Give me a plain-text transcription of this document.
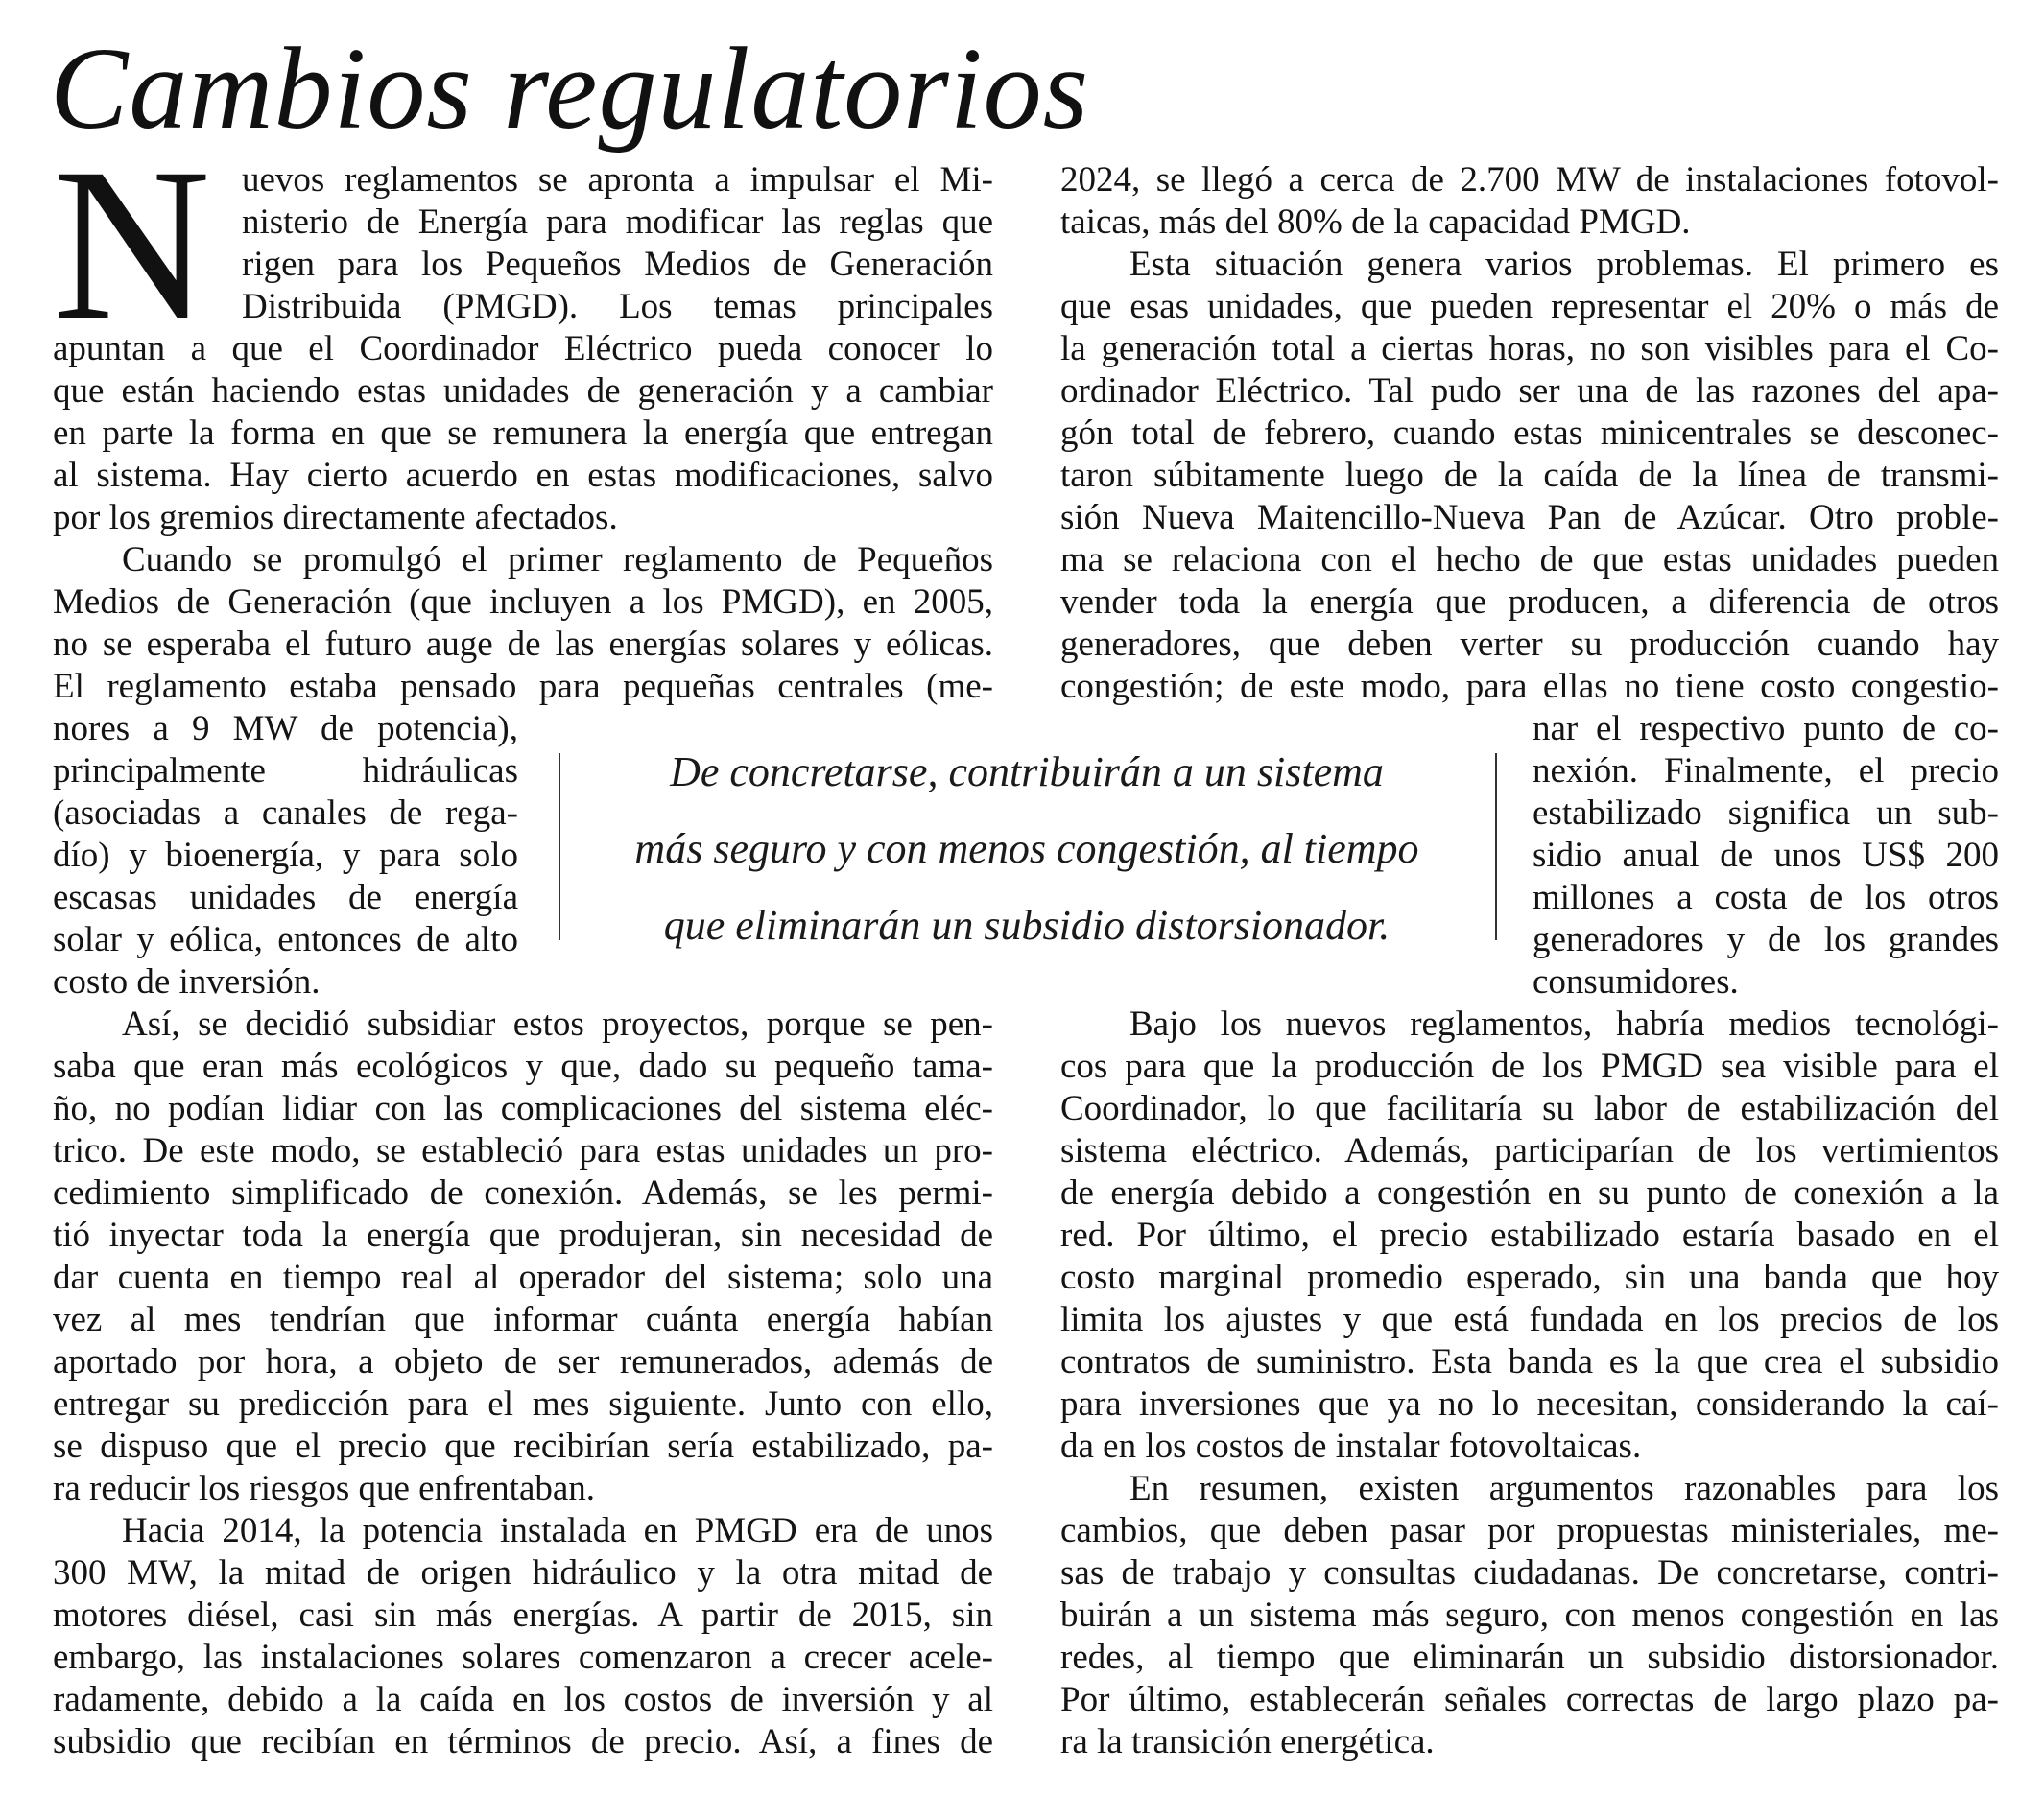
Cambios regulatorios
N uevos reglamentos se apronta a impulsar el Mi-

nisterio de Energía para modificar las reglas que

rigen para los Pequeños Medios de Generación

Distribuida (PMGD). Los temas principales

apuntan a que el Coordinador Eléctrico pueda conocer lo

que están haciendo estas unidades de generación y a cambiar

en parte la forma en que se remunera la energía que entregan

al sistema. Hay cierto acuerdo en estas modificaciones, salvo

por los gremios directamente afectados.

Cuando se promulgó el primer reglamento de Pequeños

Medios de Generación (que incluyen a los PMGD), en 2005,

no se esperaba el futuro auge de las energías solares y eólicas.

El reglamento estaba pensado para pequeñas centrales (me-

nores a 9 MW de potencia),

principalmente hidráulicas

(asociadas a canales de rega-

dío) y bioenergía, y para solo

escasas unidades de energía

solar y eólica, entonces de alto

costo de inversión.

Así, se decidió subsidiar estos proyectos, porque se pen-

saba que eran más ecológicos y que, dado su pequeño tama-

ño, no podían lidiar con las complicaciones del sistema eléc-

trico. De este modo, se estableció para estas unidades un pro-

cedimiento simplificado de conexión. Además, se les permi-

tió inyectar toda la energía que produjeran, sin necesidad de

dar cuenta en tiempo real al operador del sistema; solo una

vez al mes tendrían que informar cuánta energía habían

aportado por hora, a objeto de ser remunerados, además de

entregar su predicción para el mes siguiente. Junto con ello,

se dispuso que el precio que recibirían sería estabilizado, pa-

ra reducir los riesgos que enfrentaban.

Hacia 2014, la potencia instalada en PMGD era de unos

300 MW, la mitad de origen hidráulico y la otra mitad de

motores diésel, casi sin más energías. A partir de 2015, sin

embargo, las instalaciones solares comenzaron a crecer acele-

radamente, debido a la caída en los costos de inversión y al

subsidio que recibían en términos de precio. Así, a fines de

2024, se llegó a cerca de 2.700 MW de instalaciones fotovol-

taicas, más del 80% de la capacidad PMGD.

Esta situación genera varios problemas. El primero es

que esas unidades, que pueden representar el 20% o más de

la generación total a ciertas horas, no son visibles para el Co-

ordinador Eléctrico. Tal pudo ser una de las razones del apa-

gón total de febrero, cuando estas minicentrales se desconec-

taron súbitamente luego de la caída de la línea de transmi-

sión Nueva Maitencillo-Nueva Pan de Azúcar. Otro proble-

ma se relaciona con el hecho de que estas unidades pueden

vender toda la energía que producen, a diferencia de otros

generadores, que deben verter su producción cuando hay

congestión; de este modo, para ellas no tiene costo congestio-

nar el respectivo punto de co-

nexión. Finalmente, el precio

estabilizado significa un sub-

sidio anual de unos US$ 200

millones a costa de los otros

generadores y de los grandes

consumidores.

Bajo los nuevos reglamentos, habría medios tecnológi-

cos para que la producción de los PMGD sea visible para el

Coordinador, lo que facilitaría su labor de estabilización del

sistema eléctrico. Además, participarían de los vertimientos

de energía debido a congestión en su punto de conexión a la

red. Por último, el precio estabilizado estaría basado en el

costo marginal promedio esperado, sin una banda que hoy

limita los ajustes y que está fundada en los precios de los

contratos de suministro. Esta banda es la que crea el subsidio

para inversiones que ya no lo necesitan, considerando la caí-

da en los costos de instalar fotovoltaicas.

En resumen, existen argumentos razonables para los

cambios, que deben pasar por propuestas ministeriales, me-

sas de trabajo y consultas ciudadanas. De concretarse, contri-

buirán a un sistema más seguro, con menos congestión en las

redes, al tiempo que eliminarán un subsidio distorsionador.

Por último, establecerán señales correctas de largo plazo pa-

ra la transición energética.

De concretarse, contribuirán a un sistema

más seguro y con menos congestión, al tiempo

que eliminarán un subsidio distorsionador.
